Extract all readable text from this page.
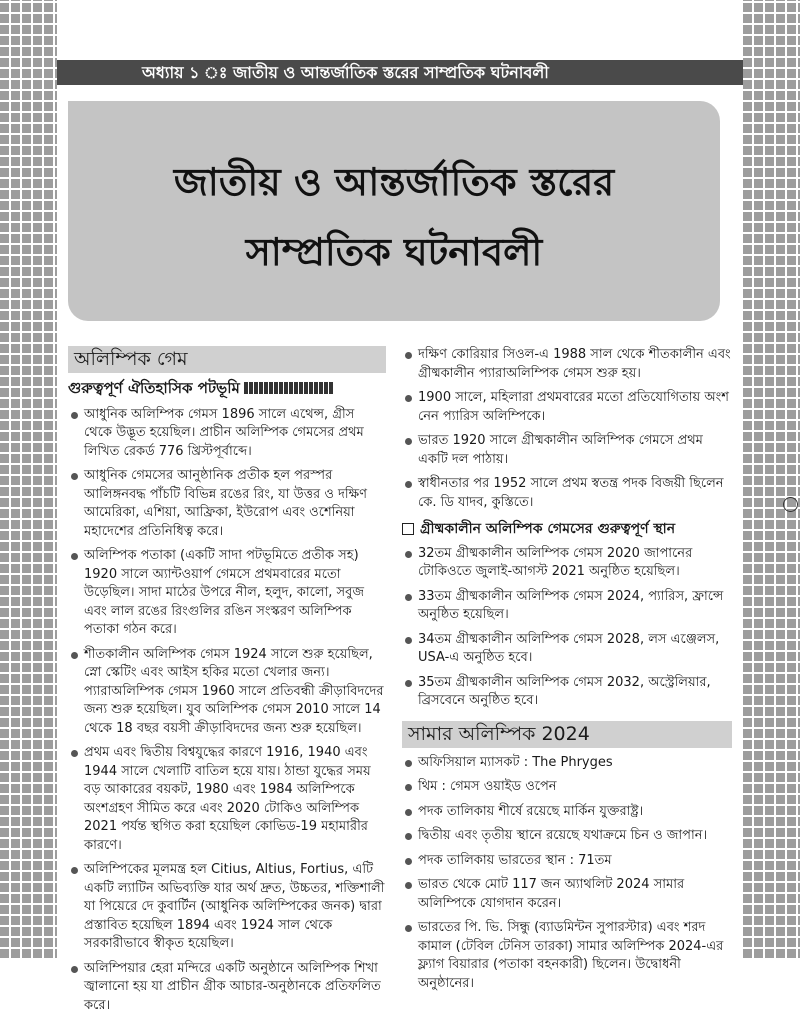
অধ্যায় ১ ঃ জাতীয় ও আন্তর্জাতিক স্তরের সাম্প্রতিক ঘটনাবলী
জাতীয় ও আন্তর্জাতিক স্তরের
সাম্প্রতিক ঘটনাবলী
অলিম্পিক গেম
গুরুত্বপূর্ণ ঐতিহাসিক পটভূমি
আধুনিক অলিম্পিক গেমস 1896 সালে এথেন্স, গ্রীস থেকে উদ্ভূত হয়েছিল। প্রাচীন অলিম্পিক গেমসের প্রথম লিখিত রেকর্ড 776 খ্রিস্টপূর্বাব্দে।
আধুনিক গেমসের আনুষ্ঠানিক প্রতীক হল পরস্পর আলিঙ্গনবদ্ধ পাঁচটি বিভিন্ন রঙের রিং, যা উত্তর ও দক্ষিণ আমেরিকা, এশিয়া, আফ্রিকা, ইউরোপ এবং ওশেনিয়া মহাদেশের প্রতিনিধিত্ব করে।
অলিম্পিক পতাকা (একটি সাদা পটভূমিতে প্রতীক সহ) 1920 সালে অ্যান্টওয়ার্প গেমসে প্রথমবারের মতো উড়েছিল। সাদা মাঠের উপরে নীল, হলুদ, কালো, সবুজ এবং লাল রঙের রিংগুলির রঙিন সংস্করণ অলিম্পিক পতাকা গঠন করে।
শীতকালীন অলিম্পিক গেমস 1924 সালে শুরু হয়েছিল, স্নো স্কেটিং এবং আইস হকির মতো খেলার জন্য। প্যারাঅলিম্পিক গেমস 1960 সালে প্রতিবন্ধী ক্রীড়াবিদদের জন্য শুরু হয়েছিল। যুব অলিম্পিক গেমস 2010 সালে 14 থেকে 18 বছর বয়সী ক্রীড়াবিদদের জন্য শুরু হয়েছিল।
প্রথম এবং দ্বিতীয় বিশ্বযুদ্ধের কারণে 1916, 1940 এবং 1944 সালে খেলাটি বাতিল হয়ে যায়। ঠান্ডা যুদ্ধের সময় বড় আকারের বয়কট, 1980 এবং 1984 অলিম্পিকে অংশগ্রহণ সীমিত করে এবং 2020 টোকিও অলিম্পিক 2021 পর্যন্ত স্থগিত করা হয়েছিল কোভিড-19 মহামারীর কারণে।
অলিম্পিকের মূলমন্ত্র হল Citius, Altius, Fortius, এটি একটি ল্যাটিন অভিব্যক্তি যার অর্থ দ্রুত, উচ্চতর, শক্তিশালী যা পিয়েরে দে কুবার্টিন (আধুনিক অলিম্পিকের জনক) দ্বারা প্রস্তাবিত হয়েছিল 1894 এবং 1924 সাল থেকে সরকারীভাবে স্বীকৃত হয়েছিল।
অলিম্পিয়ার হেরা মন্দিরে একটি অনুষ্ঠানে অলিম্পিক শিখা জ্বালানো হয় যা প্রাচীন গ্রীক আচার-অনুষ্ঠানকে প্রতিফলিত করে।
দক্ষিণ কোরিয়ার সিওল-এ 1988 সাল থেকে শীতকালীন এবং গ্রীষ্মকালীন প্যারাঅলিম্পিক গেমস শুরু হয়।
1900 সালে, মহিলারা প্রথমবারের মতো প্রতিযোগিতায় অংশ নেন প্যারিস অলিম্পিকে।
ভারত 1920 সালে গ্রীষ্মকালীন অলিম্পিক গেমসে প্রথম একটি দল পাঠায়।
স্বাধীনতার পর 1952 সালে প্রথম স্বতন্ত্র পদক বিজয়ী ছিলেন কে. ডি যাদব, কুস্তিতে।
গ্রীষ্মকালীন অলিম্পিক গেমসের গুরুত্বপূর্ণ স্থান
32তম গ্রীষ্মকালীন অলিম্পিক গেমস 2020 জাপানের টোকিওতে জুলাই-আগস্ট 2021 অনুষ্ঠিত হয়েছিল।
33তম গ্রীষ্মকালীন অলিম্পিক গেমস 2024, প্যারিস, ফ্রান্সে অনুষ্ঠিত হয়েছিল।
34তম গ্রীষ্মকালীন অলিম্পিক গেমস 2028, লস এঞ্জেলস, USA-এ অনুষ্ঠিত হবে।
35তম গ্রীষ্মকালীন অলিম্পিক গেমস 2032, অস্ট্রেলিয়ার, ব্রিসবেনে অনুষ্ঠিত হবে।
সামার অলিম্পিক 2024
অফিসিয়াল ম্যাসকট : The Phryges
থিম : গেমস ওয়াইড ওপেন
পদক তালিকায় শীর্ষে রয়েছে মার্কিন যুক্তরাষ্ট্র।
দ্বিতীয় এবং তৃতীয় স্থানে রয়েছে যথাক্রমে চিন ও জাপান।
পদক তালিকায় ভারতের স্থান : 71তম
ভারত থেকে মোট 117 জন অ্যাথলিট 2024 সামার অলিম্পিকে যোগদান করেন।
ভারতের পি. ভি. সিন্ধু (ব্যাডমিন্টন সুপারস্টার) এবং শরদ কামাল (টেবিল টেনিস তারকা) সামার অলিম্পিক 2024-এর ফ্ল্যাগ বিয়ারার (পতাকা বহনকারী) ছিলেন। উদ্বোধনী অনুষ্ঠানের।
